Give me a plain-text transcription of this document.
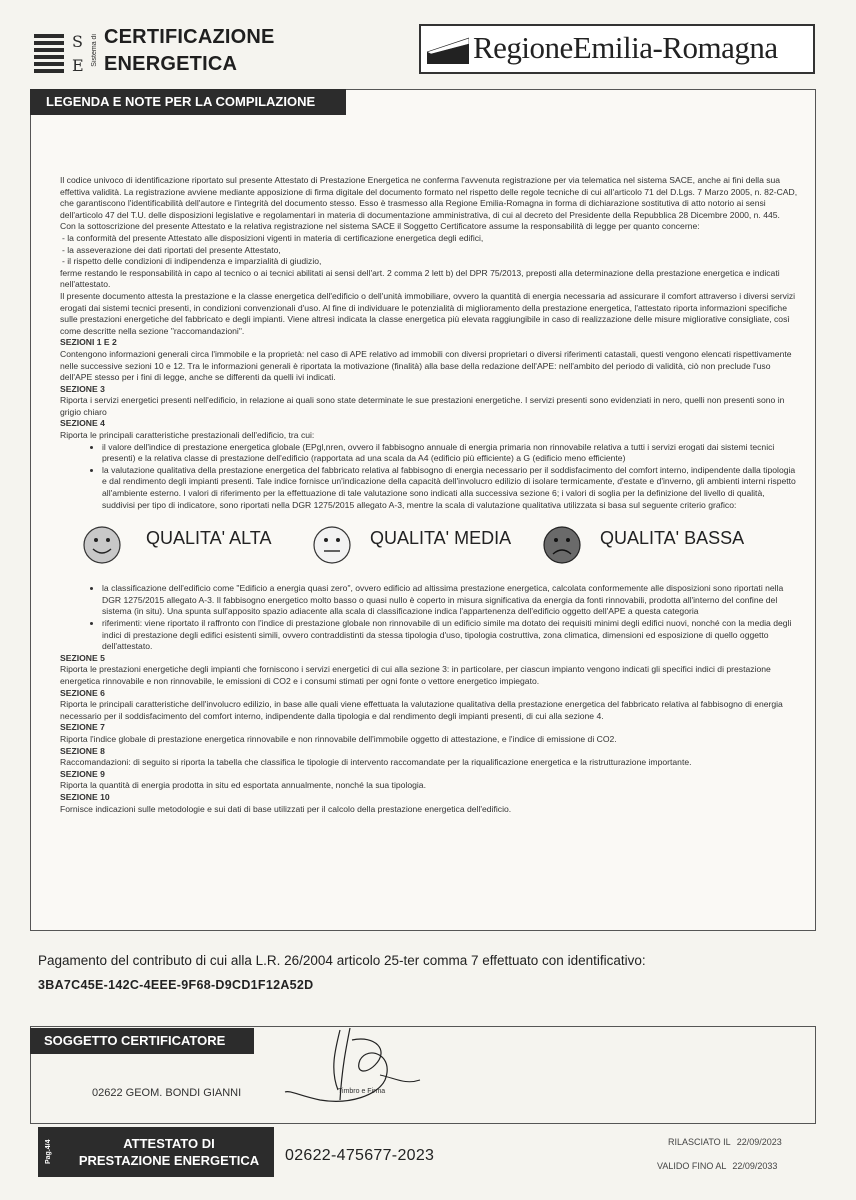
S
E Sistema di CERTIFICAZIONE
ENERGETICA	RegioneEmilia-Romagna
LEGENDA E NOTE PER LA COMPILAZIONE

Il codice univoco di identificazione riportato sul presente Attestato di Prestazione Energetica ne conferma l'avvenuta registrazione per via telematica nel sistema SACE, anche ai fini della sua effettiva validità. La registrazione avviene mediante apposizione di firma digitale del documento formato nel rispetto delle regole tecniche di cui all'articolo 71 del D.Lgs. 7 Marzo 2005, n. 82-CAD, che garantiscono l'identificabilità dell'autore e l'integrità del documento stesso. Esso è trasmesso alla Regione Emilia-Romagna in forma di dichiarazione sostitutiva di atto notorio ai sensi dell'articolo 47 del T.U. delle disposizioni legislative e regolamentari in materia di documentazione amministrativa, di cui al decreto del Presidente della Repubblica 28 Dicembre 2000, n. 445. Con la sottoscrizione del presente Attestato e la relativa registrazione nel sistema SACE il Soggetto Certificatore assume la responsabilità di legge per quanto concerne:

- la conformità del presente Attestato alle disposizioni vigenti in materia di certificazione energetica degli edifici,

- la asseverazione dei dati riportati del presente Attestato,

- il rispetto delle condizioni di indipendenza e imparzialità di giudizio,

ferme restando le responsabilità in capo al tecnico o ai tecnici abilitati ai sensi dell'art. 2 comma 2 lett b) del DPR 75/2013, preposti alla determinazione della prestazione energetica e indicati nell'attestato.

Il presente documento attesta la prestazione e la classe energetica dell'edificio o dell'unità immobiliare, ovvero la quantità di energia necessaria ad assicurare il comfort attraverso i diversi servizi erogati dai sistemi tecnici presenti, in condizioni convenzionali d'uso. Al fine di individuare le potenzialità di miglioramento della prestazione energetica, l'attestato riporta informazioni specifiche sulle prestazioni energetiche del fabbricato e degli impianti. Viene altresì indicata la classe energetica più elevata raggiungibile in caso di realizzazione delle misure migliorative consigliate, così come descritte nella sezione "raccomandazioni".

SEZIONI 1 E 2

Contengono informazioni generali circa l'immobile e la proprietà: nel caso di APE relativo ad immobili con diversi proprietari o diversi riferimenti catastali, questi vengono elencati rispettivamente nelle successive sezioni 10 e 12. Tra le informazioni generali è riportata la motivazione (finalità) alla base della redazione dell'APE: nell'ambito del periodo di validità, ciò non preclude l'uso dell'APE stesso per i fini di legge, anche se differenti da quelli ivi indicati.

SEZIONE 3

Riporta i servizi energetici presenti nell'edificio, in relazione ai quali sono state determinate le sue prestazioni energetiche. I servizi presenti sono evidenziati in nero, quelli non presenti sono in grigio chiaro

SEZIONE 4

Riporta le principali caratteristiche prestazionali dell'edificio, tra cui:

• il valore dell'indice di prestazione energetica globale (EPgl,nren, ovvero il fabbisogno annuale di energia primaria non rinnovabile relativa a tutti i servizi erogati dai sistemi tecnici presenti) e la relativa classe di prestazione dell'edificio (rapportata ad una scala da A4 (edificio più efficiente) a G (edificio meno efficiente)
• la valutazione qualitativa della prestazione energetica del fabbricato relativa al fabbisogno di energia necessario per il soddisfacimento del comfort interno, indipendente dalla tipologia e dal rendimento degli impianti presenti. Tale indice fornisce un'indicazione della capacità dell'involucro edilizio di isolare termicamente, d'estate e d'inverno, gli ambienti interni rispetto all'ambiente esterno. I valori di riferimento per la effettuazione di tale valutazione sono indicati alla successiva sezione 6; i valori di soglia per la definizione del livello di qualità, suddivisi per tipo di indicatore, sono riportati nella DGR 1275/2015 allegato A-3, mentre la scala di valutazione qualitativa utilizzata si basa sul seguente criterio grafico:
QUALITA' ALTA	QUALITA' MEDIA	QUALITA' BASSA
• la classificazione dell'edificio come "Edificio a energia quasi zero", ovvero edificio ad altissima prestazione energetica, calcolata conformemente alle disposizioni sono riportati nella DGR 1275/2015 allegato A-3. Il fabbisogno energetico molto basso o quasi nullo è coperto in misura significativa da energia da fonti rinnovabili, prodotta all'interno del confine del sistema (in situ). Una spunta sull'apposito spazio adiacente alla scala di classificazione indica l'appartenenza dell'edificio oggetto dell'APE a questa categoria
• riferimenti: viene riportato il raffronto con l'indice di prestazione globale non rinnovabile di un edificio simile ma dotato dei requisiti minimi degli edifici nuovi, nonché con la media degli indici di prestazione degli edifici esistenti simili, ovvero contraddistinti da stessa tipologia d'uso, tipologia costruttiva, zona climatica, dimensioni ed esposizione di quello oggetto dell'attestato.

SEZIONE 5

Riporta le prestazioni energetiche degli impianti che forniscono i servizi energetici di cui alla sezione 3: in particolare, per ciascun impianto vengono indicati gli specifici indici di prestazione energetica rinnovabile e non rinnovabile, le emissioni di CO2 e i consumi stimati per ogni fonte o vettore energetico impiegato.

SEZIONE 6

Riporta le principali caratteristiche dell'involucro edilizio, in base alle quali viene effettuata la valutazione qualitativa della prestazione energetica del fabbricato relativa al fabbisogno di energia necessario per il soddisfacimento del comfort interno, indipendente dalla tipologia e dal rendimento degli impianti presenti, di cui alla sezione 4.

SEZIONE 7

Riporta l'indice globale di prestazione energetica rinnovabile e non rinnovabile dell'immobile oggetto di attestazione, e l'indice di emissione di CO2.

SEZIONE 8

Raccomandazioni: di seguito si riporta la tabella che classifica le tipologie di intervento raccomandate per la riqualificazione energetica e la ristrutturazione importante.

SEZIONE 9

Riporta la quantità di energia prodotta in situ ed esportata annualmente, nonché la sua tipologia.

SEZIONE 10

Fornisce indicazioni sulle metodologie e sui dati di base utilizzati per il calcolo della prestazione energetica dell'edificio.

Pagamento del contributo di cui alla L.R. 26/2004 articolo 25-ter comma 7 effettuato con identificativo:
3BA7C45E-142C-4EEE-9F68-D9CD1F12A52D
SOGGETTO CERTIFICATORE
02622 GEOM. BONDI GIANNI	Timbro e Firma
Pag.4/4	ATTESTATO DI
PRESTAZIONE ENERGETICA	02622-475677-2023
RILASCIATO IL 22/09/2023
VALIDO FINO AL 22/09/2033
